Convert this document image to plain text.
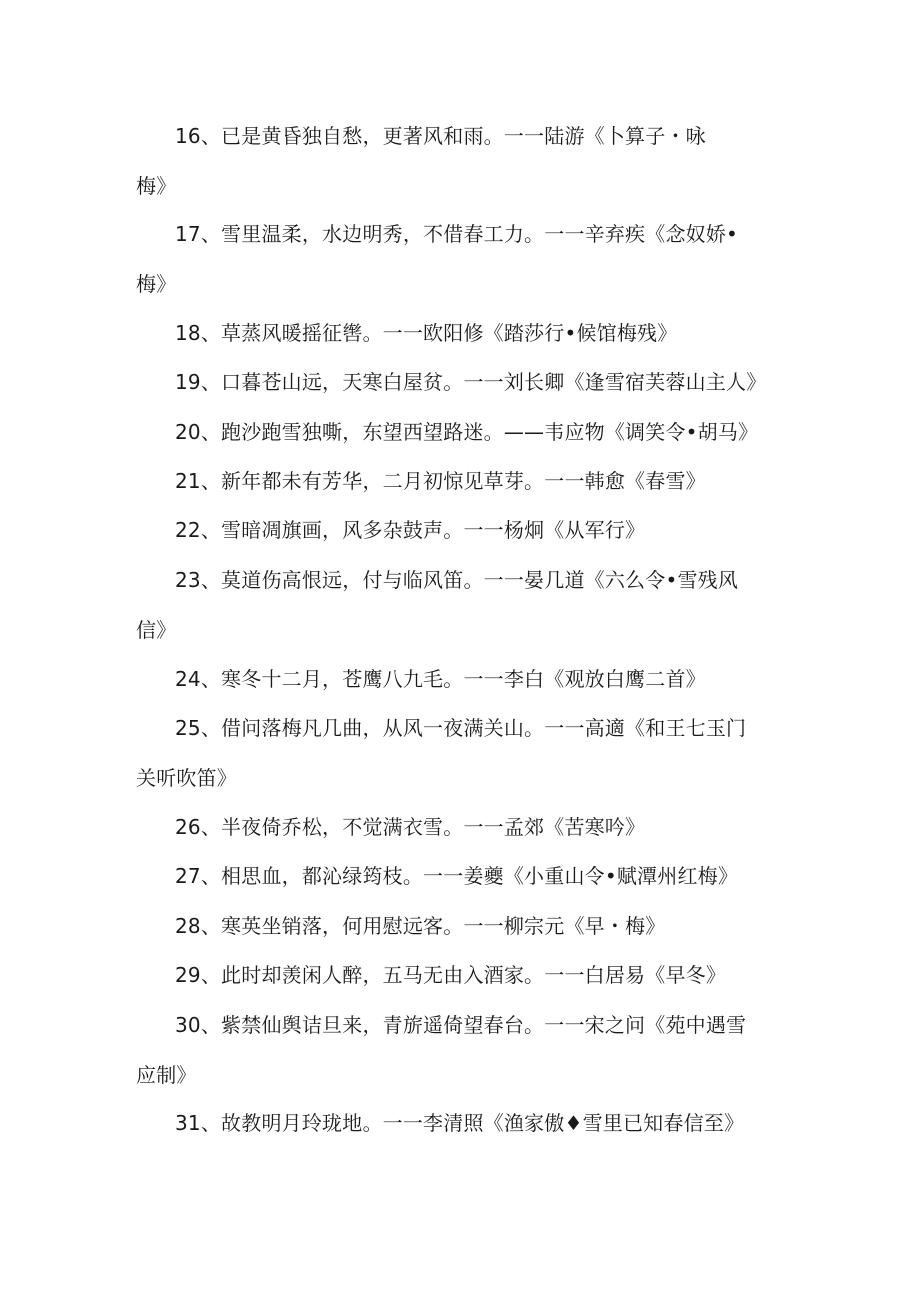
16、已是黄昏独自愁，更著风和雨。一一陆游《卜算子・咏
梅》
17、雪里温柔，水边明秀，不借春工力。一一辛弃疾《念奴娇•
梅》
18、草蒸风暖摇征辔。一一欧阳修《踏莎行•候馆梅残》
19、口暮苍山远，天寒白屋贫。一一刘长卿《逢雪宿芙蓉山主人》
20、跑沙跑雪独嘶，东望西望路迷。——韦应物《调笑令•胡马》
21、新年都未有芳华，二月初惊见草芽。一一韩愈《春雪》
22、雪暗凋旗画，风多杂鼓声。一一杨炯《从军行》
23、莫道伤高恨远，付与临风笛。一一晏几道《六么令•雪残风
信》
24、寒冬十二月，苍鹰八九毛。一一李白《观放白鹰二首》
25、借问落梅凡几曲，从风一夜满关山。一一高適《和王七玉门
关听吹笛》
26、半夜倚乔松，不觉满衣雪。一一孟郊《苦寒吟》
27、相思血，都沁绿筠枝。一一姜夔《小重山令•赋潭州红梅》
28、寒英坐销落，何用慰远客。一一柳宗元《早・梅》
29、此时却羡闲人醉，五马无由入酒家。一一白居易《早冬》
30、紫禁仙舆诘旦来，青旂遥倚望春台。一一宋之问《苑中遇雪
应制》
31、故教明月玲珑地。一一李清照《渔家傲♦雪里已知春信至》
